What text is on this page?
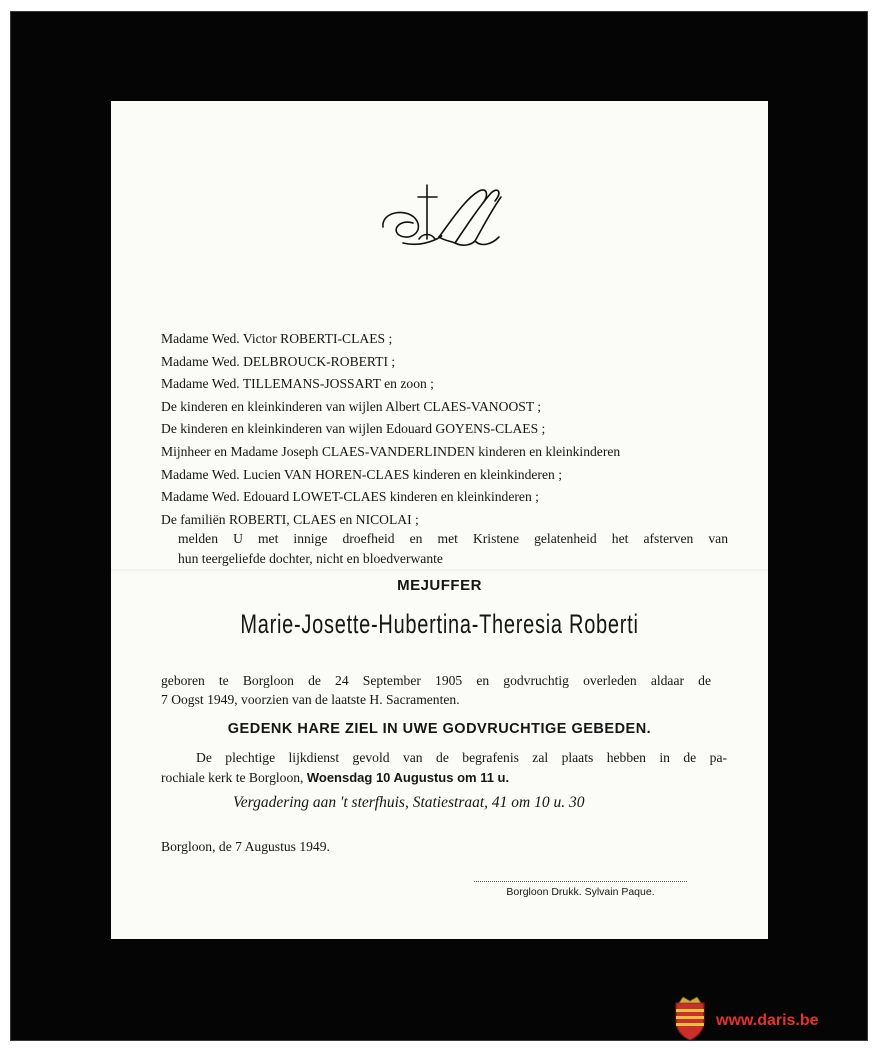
Madame Wed. Victor ROBERTI-CLAES ;
Madame Wed. DELBROUCK-ROBERTI ;
Madame Wed. TILLEMANS-JOSSART en zoon ;
De kinderen en kleinkinderen van wijlen Albert CLAES-VANOOST ;
De kinderen en kleinkinderen van wijlen Edouard GOYENS-CLAES ;
Mijnheer en Madame Joseph CLAES-VANDERLINDEN kinderen en kleinkinderen
Madame Wed. Lucien VAN HOREN-CLAES kinderen en kleinkinderen ;
Madame Wed. Edouard LOWET-CLAES kinderen en kleinkinderen ;
De familiën ROBERTI, CLAES en NICOLAI ;
melden U met innige droefheid en met Kristene gelatenheid het afsterven van
hun teergeliefde dochter, nicht en bloedverwante
MEJUFFER
Marie-Josette-Hubertina-Theresia Roberti
geboren te Borgloon de 24 September 1905 en godvruchtig overleden aldaar de
7 Oogst 1949, voorzien van de laatste H. Sacramenten.
GEDENK HARE ZIEL IN UWE GODVRUCHTIGE GEBEDEN.
De plechtige lijkdienst gevold van de begrafenis zal plaats hebben in de pa-
rochiale kerk te Borgloon, Woensdag 10 Augustus om 11 u.
Vergadering aan 't sterfhuis, Statiestraat, 41 om 10 u. 30
Borgloon, de 7 Augustus 1949.
Borgloon Drukk. Sylvain Paque.
www.daris.be
